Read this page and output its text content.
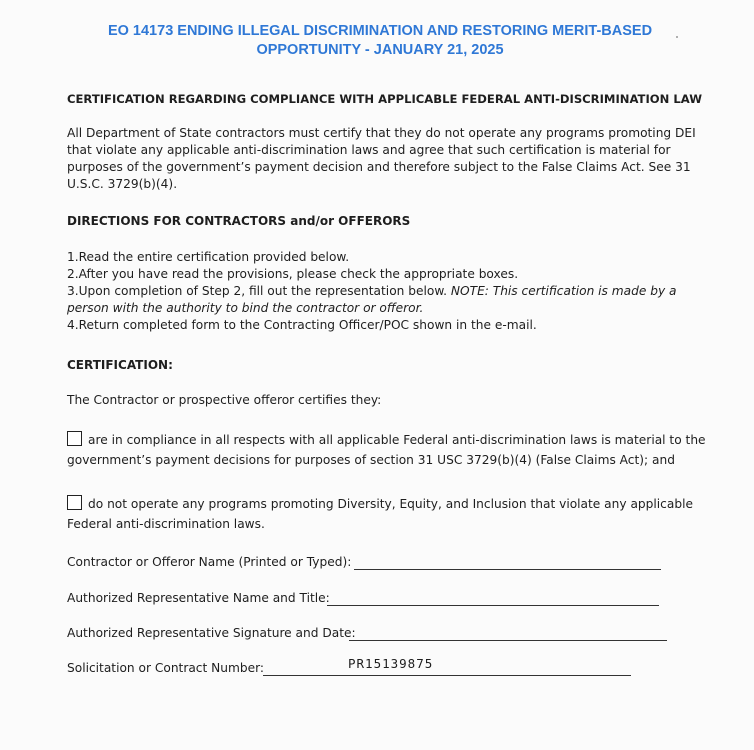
EO 14173 ENDING ILLEGAL DISCRIMINATION AND RESTORING MERIT-BASED
OPPORTUNITY - JANUARY 21, 2025
CERTIFICATION REGARDING COMPLIANCE WITH APPLICABLE FEDERAL ANTI-DISCRIMINATION LAW
All Department of State contractors must certify that they do not operate any programs promoting DEI that violate any applicable anti-discrimination laws and agree that such certification is material for purposes of the government’s payment decision and therefore subject to the False Claims Act. See 31 U.S.C. 3729(b)(4).
DIRECTIONS FOR CONTRACTORS and/or OFFERORS
1.Read the entire certification provided below.
2.After you have read the provisions, please check the appropriate boxes.
3.Upon completion of Step 2, fill out the representation below. NOTE: This certification is made by a person with the authority to bind the contractor or offeror.
4.Return completed form to the Contracting Officer/POC shown in the e-mail.
CERTIFICATION:
The Contractor or prospective offeror certifies they:
are in compliance in all respects with all applicable Federal anti-discrimination laws is material to the government’s payment decisions for purposes of section 31 USC 3729(b)(4) (False Claims Act); and
do not operate any programs promoting Diversity, Equity, and Inclusion that violate any applicable Federal anti-discrimination laws.
Contractor or Offeror Name (Printed or Typed):
Authorized Representative Name and Title:
Authorized Representative Signature and Date:
Solicitation or Contract Number:	PR15139875
